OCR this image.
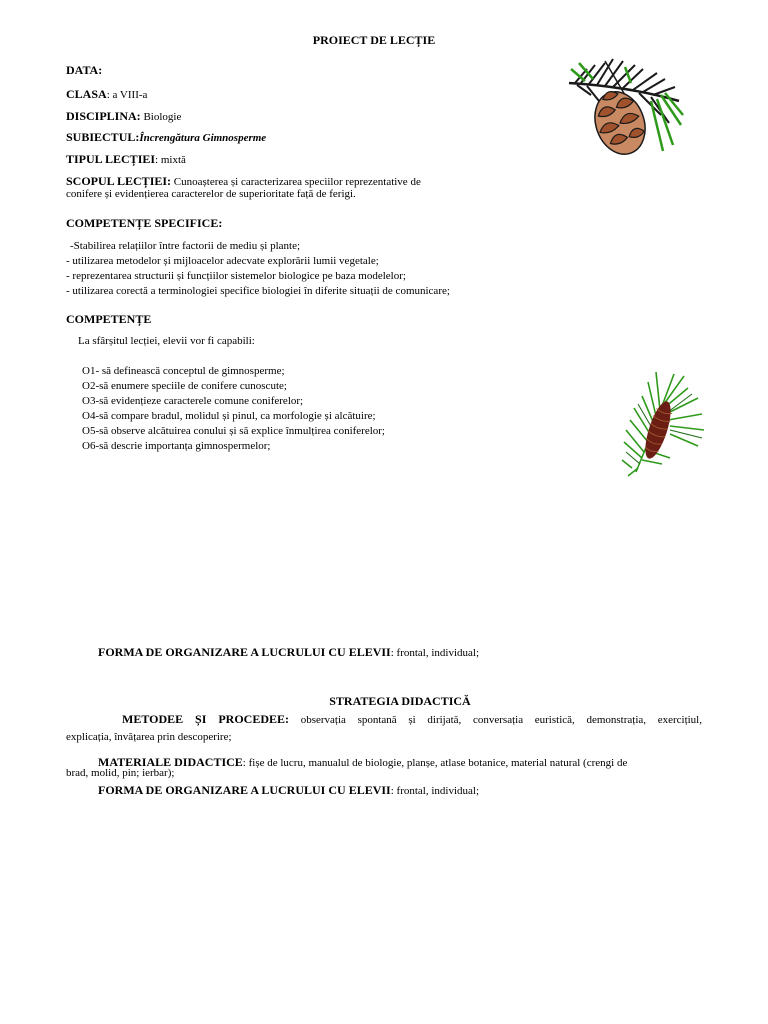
PROIECT DE LECȚIE
DATA:
CLASA: a VIII-a
DISCIPLINA: Biologie
SUBIECTUL:Încrengătura Gimnosperme
TIPUL LECȚIEI: mixtă
SCOPUL LECȚIEI: Cunoașterea și caracterizarea speciilor reprezentative de
conifere și evidențierea caracterelor de superioritate față de ferigi.
COMPETENȚE SPECIFICE:
-Stabilirea relațiilor între factorii de mediu și plante;
- utilizarea metodelor și mijloacelor adecvate explorării lumii vegetale;
- reprezentarea structurii și funcțiilor sistemelor biologice pe baza modelelor;
- utilizarea corectă a terminologiei specifice biologiei în diferite situații de comunicare;
COMPETENȚE
La sfârșitul lecției, elevii vor fi capabili:
O1- să definească conceptul de gimnosperme;
O2-să enumere speciile de conifere cunoscute;
O3-să evidențieze caracterele comune coniferelor;
O4-să compare bradul, molidul și pinul, ca morfologie și alcătuire;
O5-să observe alcătuirea conului și să explice înmulțirea coniferelor;
O6-să descrie importanța gimnospermelor;
FORMA DE ORGANIZARE A LUCRULUI CU ELEVII: frontal, individual;
STRATEGIA DIDACTICĂ
METODEE ȘI PROCEDEE: observația spontană și dirijată, conversația euristică, demonstrația, exercițiul,
explicația, învățarea prin descoperire;
MATERIALE DIDACTICE: fișe de lucru, manualul de biologie, planșe, atlase botanice, material natural (crengi de
brad, molid, pin; ierbar);
FORMA DE ORGANIZARE A LUCRULUI CU ELEVII: frontal, individual;
